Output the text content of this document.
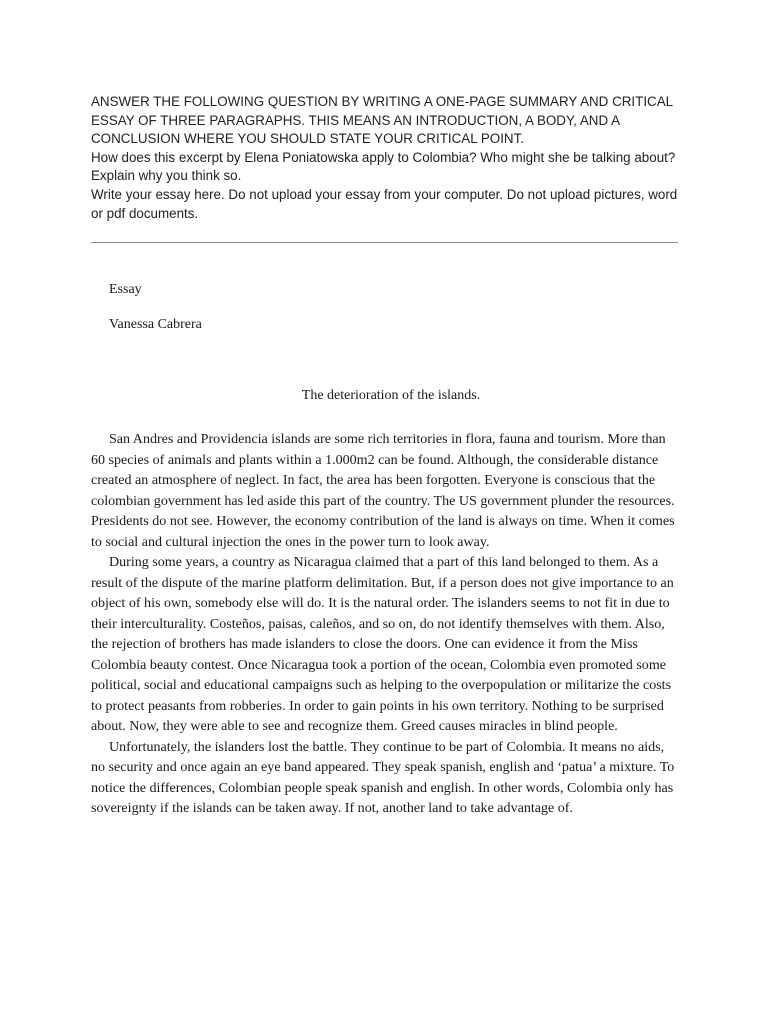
ANSWER THE FOLLOWING QUESTION BY WRITING A ONE-PAGE SUMMARY AND CRITICAL ESSAY OF THREE PARAGRAPHS. THIS MEANS AN INTRODUCTION, A BODY, AND A CONCLUSION WHERE YOU SHOULD STATE YOUR CRITICAL POINT.

How does this excerpt by Elena Poniatowska apply to Colombia? Who might she be talking about? Explain why you think so.

Write your essay here. Do not upload your essay from your computer. Do not upload pictures, word or pdf documents.

Essay
Vanessa Cabrera
The deterioration of the islands.

San Andres and Providencia islands are some rich territories in flora, fauna and tourism. More than 60 species of animals and plants within a 1.000m2 can be found. Although, the considerable distance created an atmosphere of neglect. In fact, the area has been forgotten. Everyone is conscious that the colombian government has led aside this part of the country. The US government plunder the resources. Presidents do not see. However, the economy contribution of the land is always on time. When it comes to social and cultural injection the ones in the power turn to look away.

During some years, a country as Nicaragua claimed that a part of this land belonged to them. As a result of the dispute of the marine platform delimitation. But, if a person does not give importance to an object of his own, somebody else will do. It is the natural order. The islanders seems to not fit in due to their interculturality. Costeños, paisas, caleños, and so on, do not identify themselves with them. Also, the rejection of brothers has made islanders to close the doors. One can evidence it from the Miss Colombia beauty contest. Once Nicaragua took a portion of the ocean, Colombia even promoted some political, social and educational campaigns such as helping to the overpopulation or militarize the costs to protect peasants from robberies. In order to gain points in his own territory. Nothing to be surprised about. Now, they were able to see and recognize them. Greed causes miracles in blind people.

Unfortunately, the islanders lost the battle. They continue to be part of Colombia. It means no aids, no security and once again an eye band appeared. They speak spanish, english and ‘patua’ a mixture. To notice the differences, Colombian people speak spanish and english. In other words, Colombia only has sovereignty if the islands can be taken away. If not, another land to take advantage of.
